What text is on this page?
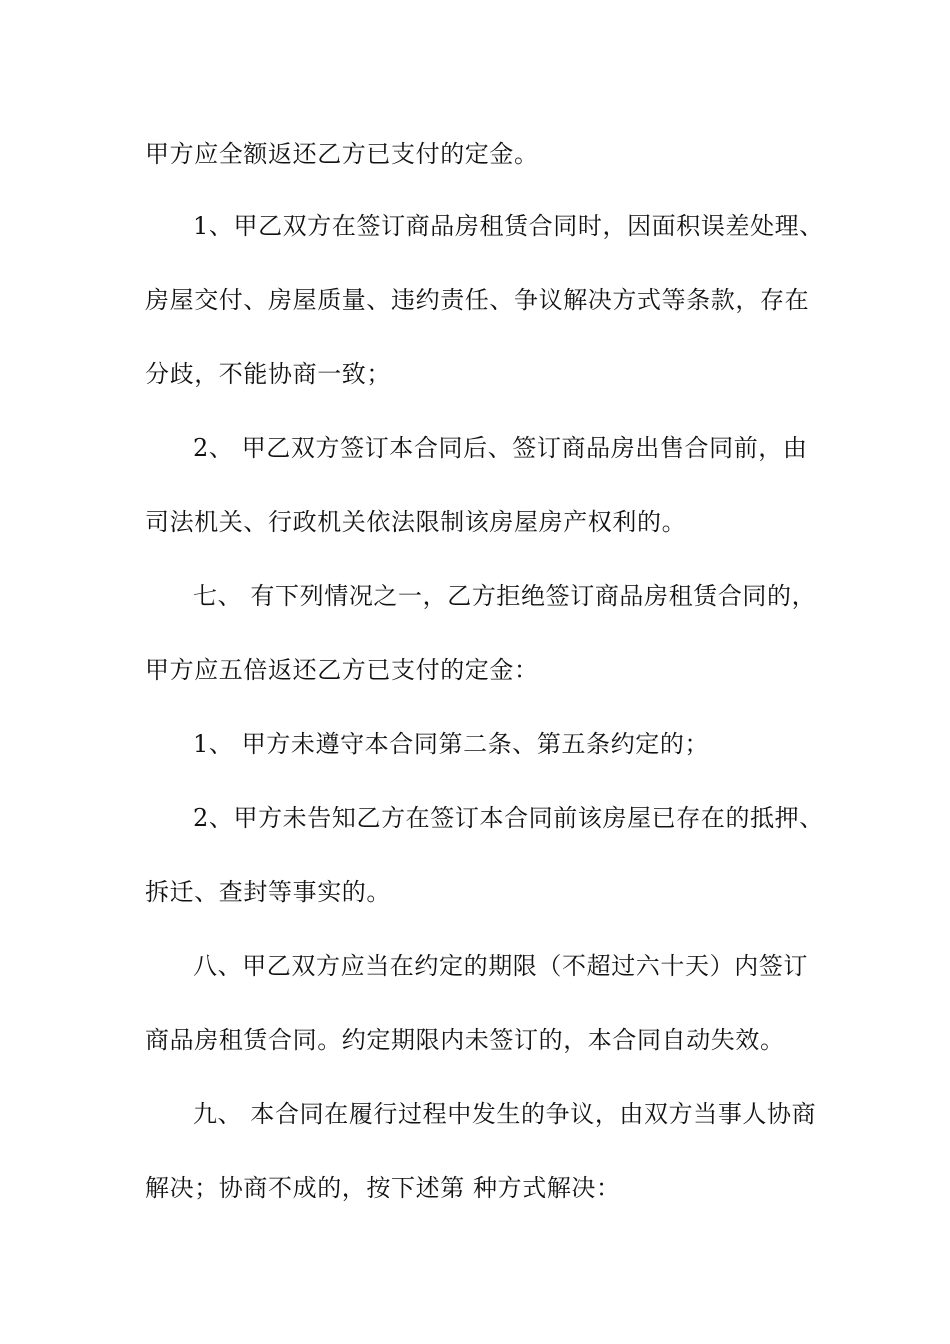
甲方应全额返还乙方已支付的定金。
1、甲乙双方在签订商品房租赁合同时，因面积误差处理、
房屋交付、房屋质量、违约责任、争议解决方式等条款，存在
分歧，不能协商一致；
2、 甲乙双方签订本合同后、签订商品房出售合同前，由
司法机关、行政机关依法限制该房屋房产权利的。
七、 有下列情况之一，乙方拒绝签订商品房租赁合同的，
甲方应五倍返还乙方已支付的定金：
1、 甲方未遵守本合同第二条、第五条约定的；
2、甲方未告知乙方在签订本合同前该房屋已存在的抵押、
拆迁、查封等事实的。
八、甲乙双方应当在约定的期限（不超过六十天）内签订
商品房租赁合同。约定期限内未签订的，本合同自动失效。
九、 本合同在履行过程中发生的争议，由双方当事人协商
解决；协商不成的，按下述第 种方式解决：
